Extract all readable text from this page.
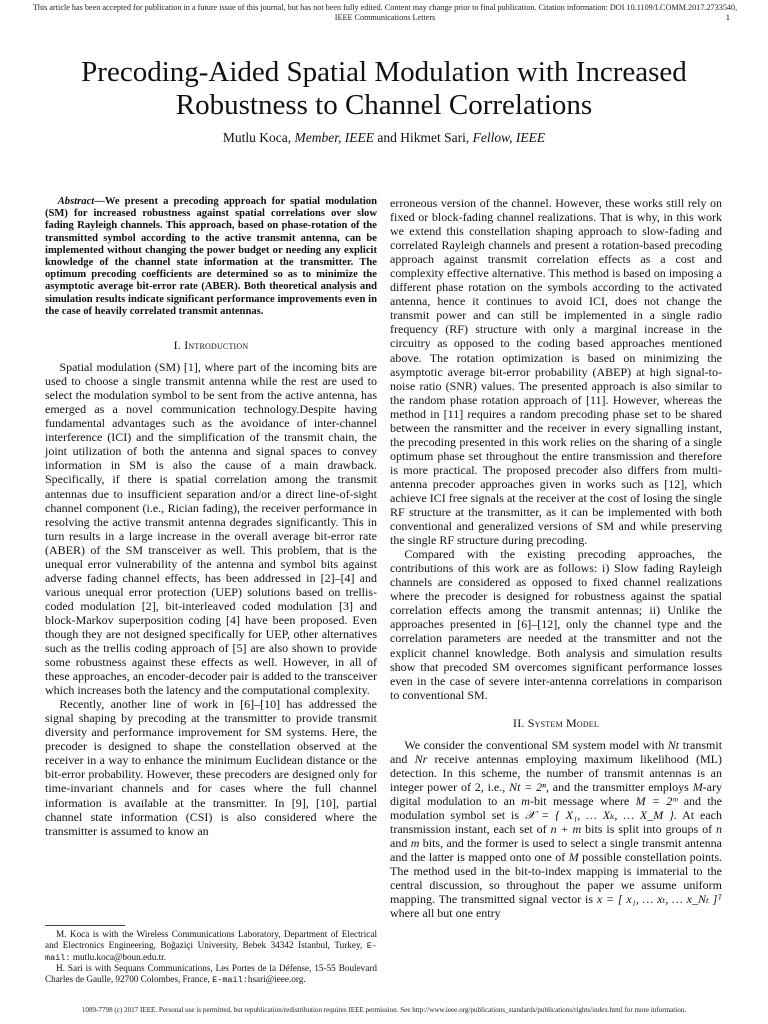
This article has been accepted for publication in a future issue of this journal, but has not been fully edited. Content may change prior to final publication. Citation information: DOI 10.1109/LCOMM.2017.2733540, IEEE Communications Letters	1
Precoding-Aided Spatial Modulation with Increased Robustness to Channel Correlations
Mutlu Koca, Member, IEEE and Hikmet Sari, Fellow, IEEE

Abstract—We present a precoding approach for spatial modulation (SM) for increased robustness against spatial correlations over slow fading Rayleigh channels. This approach, based on phase-rotation of the transmitted symbol according to the active transmit antenna, can be implemented without changing the power budget or needing any explicit knowledge of the channel state information at the transmitter. The optimum precoding coefficients are determined so as to minimize the asymptotic average bit-error rate (ABER). Both theoretical analysis and simulation results indicate significant performance improvements even in the case of heavily correlated transmit antennas.

I. Introduction

Spatial modulation (SM) [1], where part of the incoming bits are used to choose a single transmit antenna while the rest are used to select the modulation symbol to be sent from the active antenna, has emerged as a novel communication technology.Despite having fundamental advantages such as the avoidance of inter-channel interference (ICI) and the simplification of the transmit chain, the joint utilization of both the antenna and signal spaces to convey information in SM is also the cause of a main drawback. Specifically, if there is spatial correlation among the transmit antennas due to insufficient separation and/or a direct line-of-sight channel component (i.e., Rician fading), the receiver performance in resolving the active transmit antenna degrades significantly. This in turn results in a large increase in the overall average bit-error rate (ABER) of the SM transceiver as well. This problem, that is the unequal error vulnerability of the antenna and symbol bits against adverse fading channel effects, has been addressed in [2]–[4] and various unequal error protection (UEP) solutions based on trellis-coded modulation [2], bit-interleaved coded modulation [3] and block-Markov superposition coding [4] have been proposed. Even though they are not designed specifically for UEP, other alternatives such as the trellis coding approach of [5] are also shown to provide some robustness against these effects as well. However, in all of these approaches, an encoder-decoder pair is added to the transceiver which increases both the latency and the computational complexity.

Recently, another line of work in [6]–[10] has addressed the signal shaping by precoding at the transmitter to provide transmit diversity and performance improvement for SM systems. Here, the precoder is designed to shape the constellation observed at the receiver in a way to enhance the minimum Euclidean distance or the bit-error probability. However, these precoders are designed only for time-invariant channels and for cases where the full channel information is available at the transmitter. In [9], [10], partial channel state information (CSI) is also considered where the transmitter is assumed to know an

erroneous version of the channel. However, these works still rely on fixed or block-fading channel realizations. That is why, in this work we extend this constellation shaping approach to slow-fading and correlated Rayleigh channels and present a rotation-based precoding approach against transmit correlation effects as a cost and complexity effective alternative. This method is based on imposing a different phase rotation on the symbols according to the activated antenna, hence it continues to avoid ICI, does not change the transmit power and can still be implemented in a single radio frequency (RF) structure with only a marginal increase in the circuitry as opposed to the coding based approaches mentioned above. The rotation optimization is based on minimizing the asymptotic average bit-error probability (ABEP) at high signal-to-noise ratio (SNR) values. The presented approach is also similar to the random phase rotation approach of [11]. However, whereas the method in [11] requires a random precoding phase set to be shared between the ransmitter and the receiver in every signalling instant, the precoding presented in this work relies on the sharing of a single optimum phase set throughout the entire transmission and therefore is more practical. The proposed precoder also differs from multi-antenna precoder approaches given in works such as [12], which achieve ICI free signals at the receiver at the cost of losing the single RF structure at the transmitter, as it can be implemented with both conventional and generalized versions of SM and while preserving the single RF structure during precoding.

Compared with the existing precoding approaches, the contributions of this work are as follows: i) Slow fading Rayleigh channels are considered as opposed to fixed channel realizations where the precoder is designed for robustness against the spatial correlation effects among the transmit antennas; ii) Unlike the approaches presented in [6]–[12], only the channel type and the correlation parameters are needed at the transmitter and not the explicit channel knowledge. Both analysis and simulation results show that precoded SM overcomes significant performance losses even in the case of severe inter-antenna correlations in comparison to conventional SM.

II. System Model

We consider the conventional SM system model with Nt transmit and Nr receive antennas employing maximum likelihood (ML) detection. In this scheme, the number of transmit antennas is an integer power of 2, i.e., Nt = 2ⁿ, and the transmitter employs M-ary digital modulation to an m-bit message where M = 2ᵐ and the modulation symbol set is 𝒳 = { X₁, … Xₖ, … X_M }. At each transmission instant, each set of n + m bits is split into groups of n and m bits, and the former is used to select a single transmit antenna and the latter is mapped onto one of M possible constellation points. The method used in the bit-to-index mapping is immaterial to the central discussion, so throughout the paper we assume uniform mapping. The transmitted signal vector is x = [ x₁, … xₜ, … x_Nₜ ]ᵀ where all but one entry

M. Koca is with the Wireless Communications Laboratory, Department of Electrical and Electronics Engineering, Boğaziçi University, Bebek 34342 Istanbul, Turkey, E-mail: mutlu.koca@boun.edu.tr.

H. Sari is with Sequans Communications, Les Portes de la Défense, 15-55 Boulevard Charles de Gaulle, 92700 Colombes, France, E-mail:hsari@ieee.org.

1089-7798 (c) 2017 IEEE. Personal use is permitted, but republication/redistribution requires IEEE permission. See http://www.ieee.org/publications_standards/publications/rights/index.html for more information.
